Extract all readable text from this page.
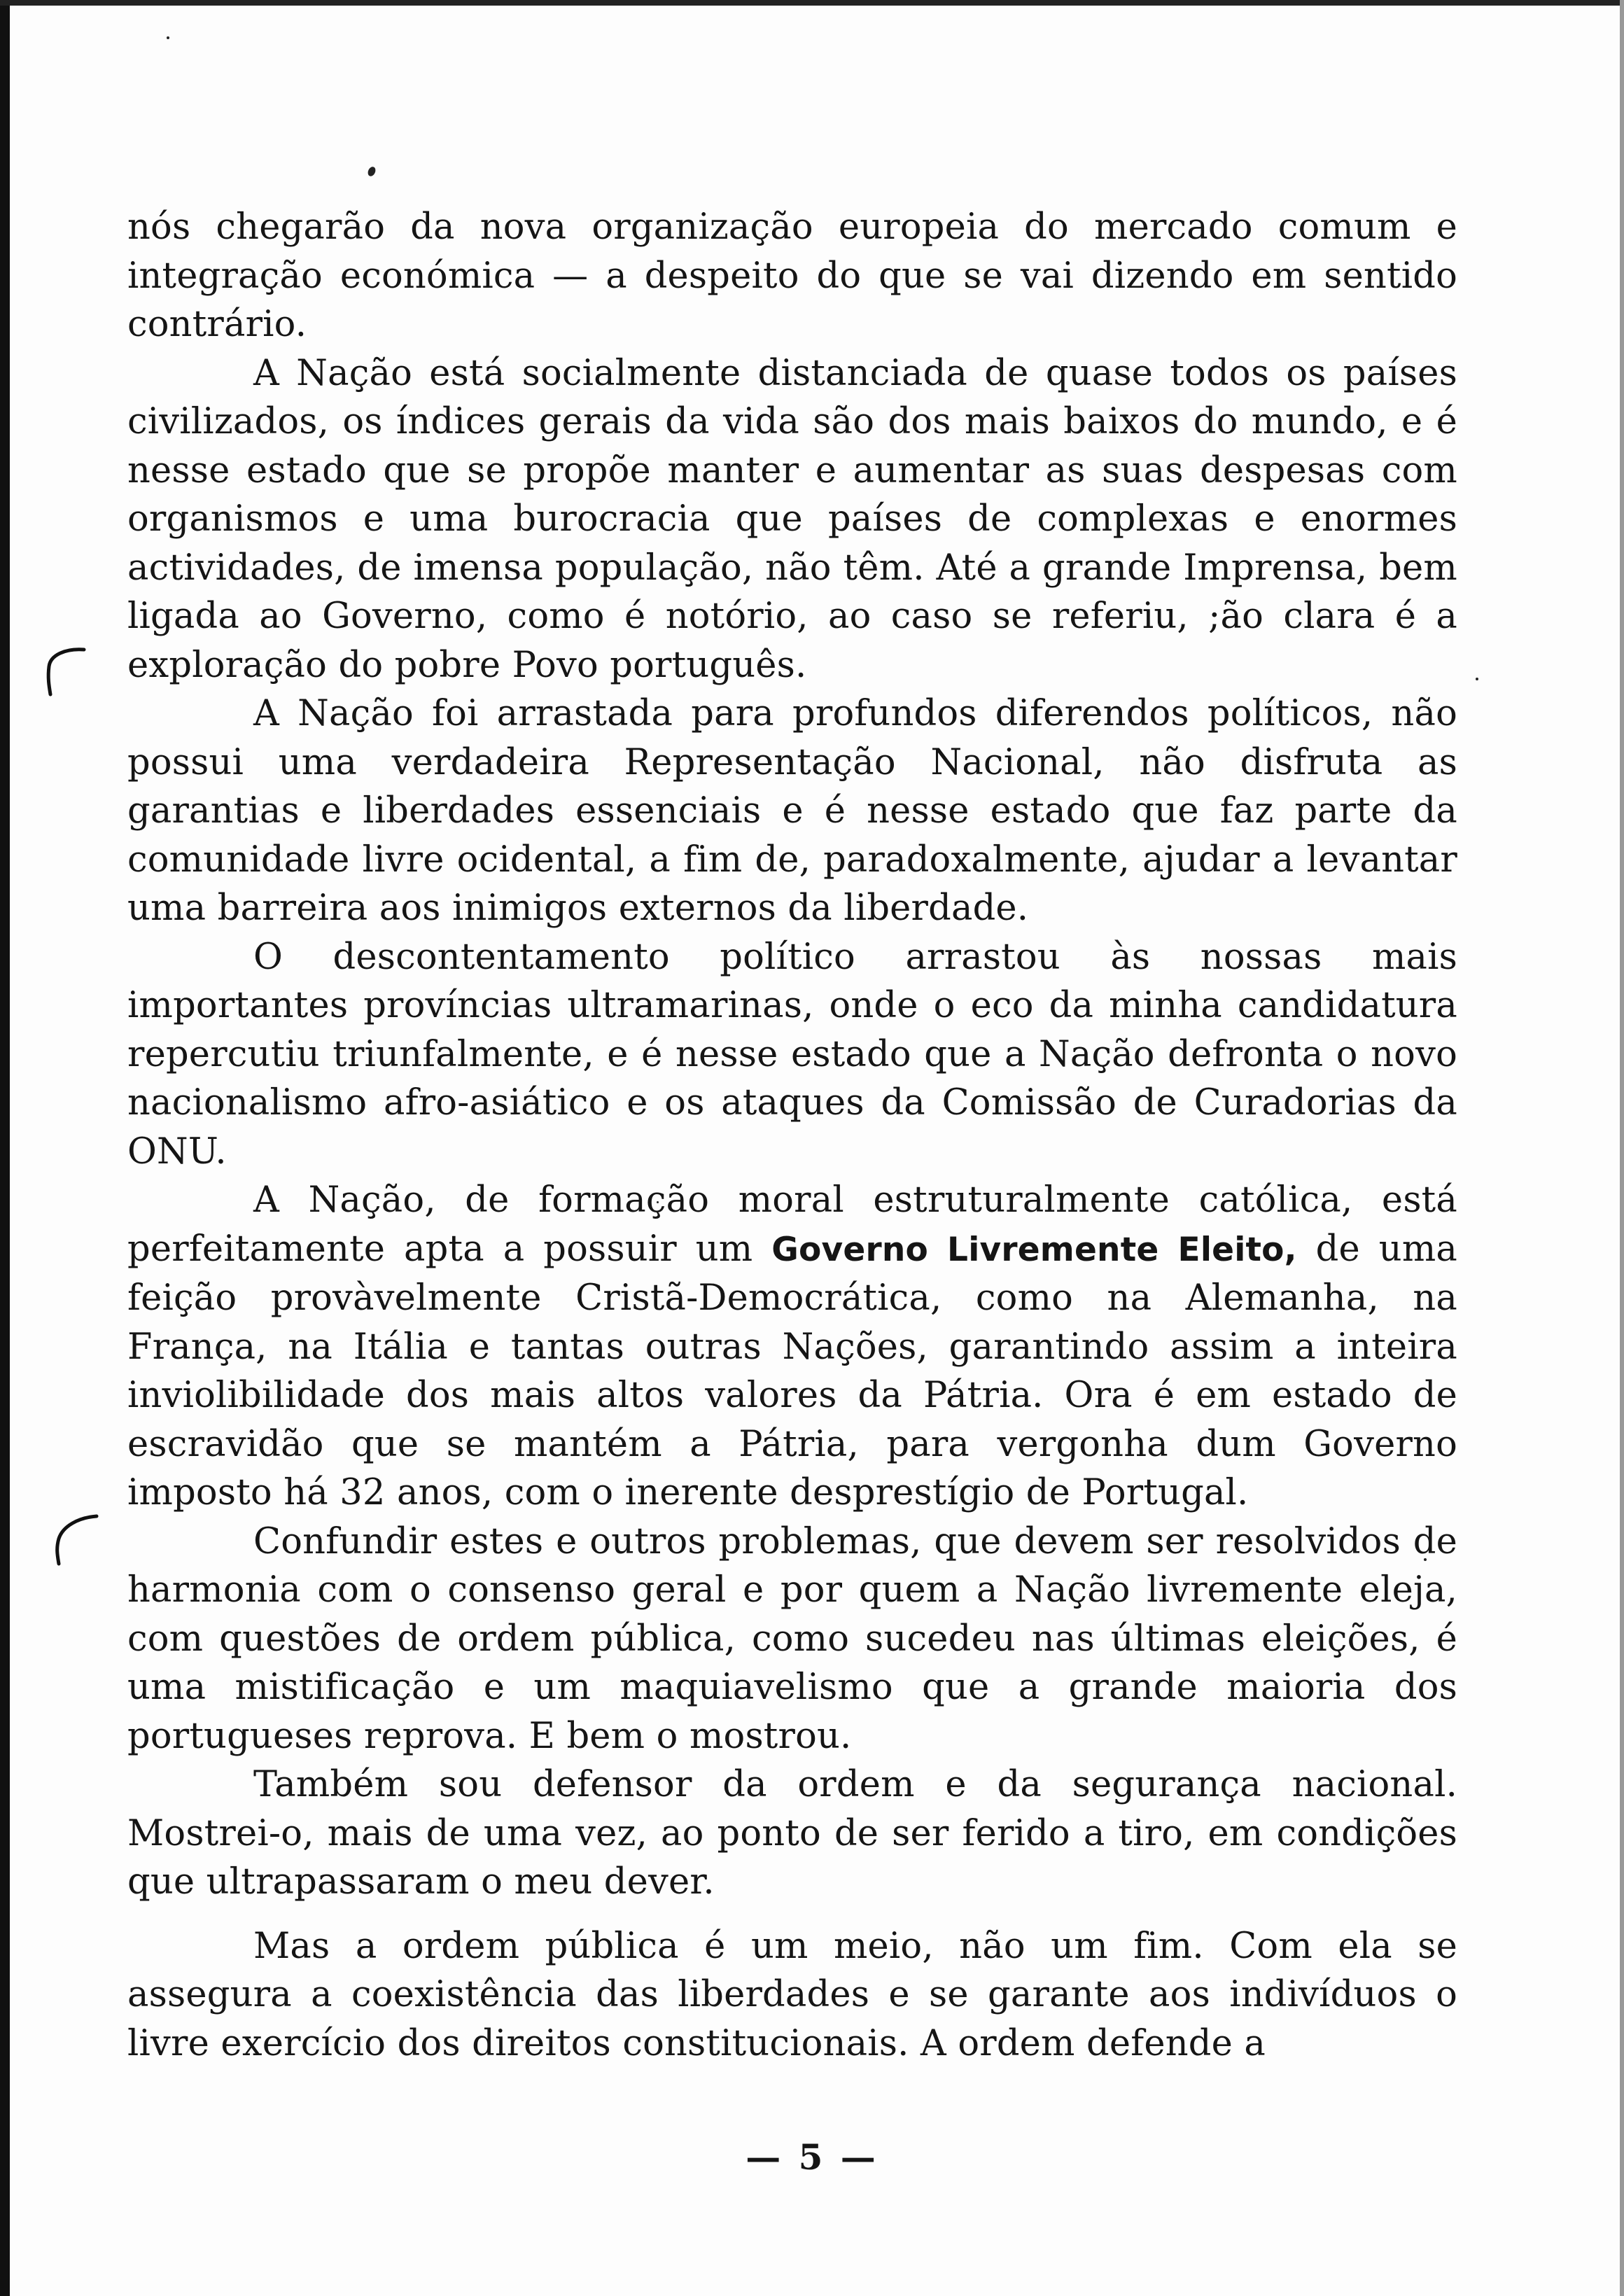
nós chegarão da nova organização europeia do mercado comum e integração económica — a despeito do que se vai dizendo em sentido contrário.

A Nação está socialmente distanciada de quase todos os países civilizados, os índices gerais da vida são dos mais baixos do mundo, e é nesse estado que se propõe manter e aumentar as suas despesas com organismos e uma burocracia que países de complexas e enormes actividades, de imensa população, não têm. Até a grande Imprensa, bem ligada ao Governo, como é notório, ao caso se referiu, ;ão clara é a exploração do pobre Povo português.

A Nação foi arrastada para profundos diferendos políticos, não possui uma verdadeira Representação Nacional, não disfruta as garantias e liberdades essenciais e é nesse estado que faz parte da comunidade livre ocidental, a fim de, paradoxalmente, ajudar a levantar uma barreira aos inimigos externos da liberdade.

O descontentamento político arrastou às nossas mais importantes províncias ultramarinas, onde o eco da minha candidatura repercutiu triunfalmente, e é nesse estado que a Nação defronta o novo nacionalismo afro-asiático e os ataques da Comissão de Curadorias da ONU.

A Nação, de formação moral estruturalmente católica, está perfeitamente apta a possuir um Governo Livremente Eleito, de uma feição provàvelmente Cristã-Democrática, como na Alemanha, na França, na Itália e tantas outras Nações, garantindo assim a inteira inviolibilidade dos mais altos valores da Pátria. Ora é em estado de escravidão que se mantém a Pátria, para vergonha dum Governo imposto há 32 anos, com o inerente desprestígio de Portugal.

Confundir estes e outros problemas, que devem ser resolvidos de harmonia com o consenso geral e por quem a Nação livremente eleja, com questões de ordem pública, como sucedeu nas últimas eleições, é uma mistificação e um maquiavelismo que a grande maioria dos portugueses reprova. E bem o mostrou.

Também sou defensor da ordem e da segurança nacional. Mostrei-o, mais de uma vez, ao ponto de ser ferido a tiro, em condições que ultrapassaram o meu dever.

Mas a ordem pública é um meio, não um fim. Com ela se assegura a coexistência das liberdades e se garante aos indivíduos o livre exercício dos direitos constitucionais. A ordem defende a

— 5 —
